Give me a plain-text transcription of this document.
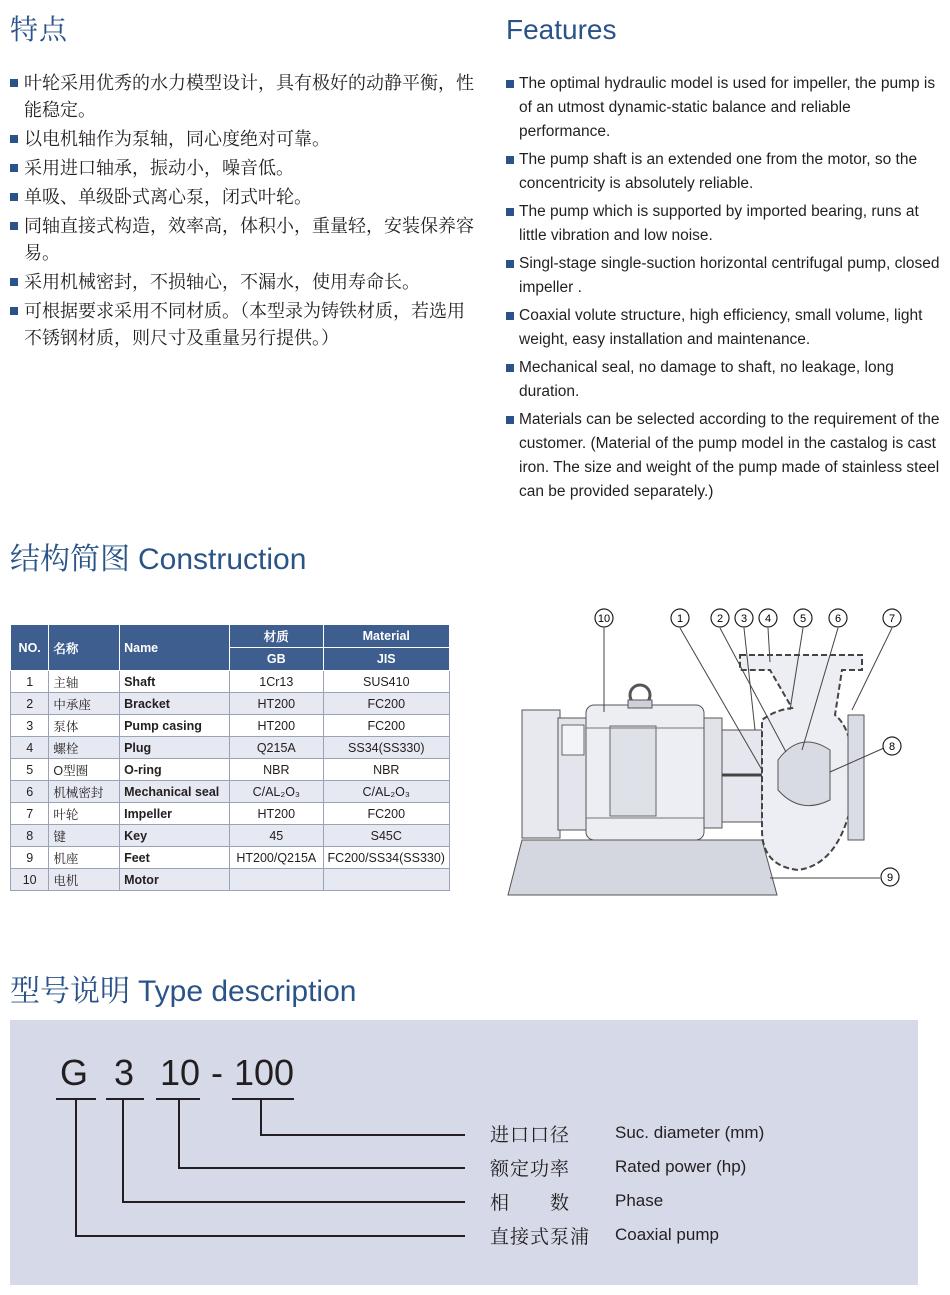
特点
叶轮采用优秀的水力模型设计，具有极好的动静平衡，性能稳定。
以电机轴作为泵轴，同心度绝对可靠。
采用进口轴承，振动小，噪音低。
单吸、单级卧式离心泵，闭式叶轮。
同轴直接式构造，效率高，体积小，重量轻，安装保养容易。
采用机械密封，不损轴心，不漏水，使用寿命长。
可根据要求采用不同材质。（本型录为铸铁材质，若选用不锈钢材质，则尺寸及重量另行提供。）
Features
The optimal hydraulic model is used for impeller, the pump is of an utmost dynamic-static balance and reliable performance.
The pump shaft is an extended one from the motor, so the concentricity is absolutely reliable.
The pump which is supported by imported bearing, runs at little vibration and low noise.
Singl-stage single-suction horizontal centrifugal pump, closed impeller .
Coaxial volute structure, high efficiency, small volume, light weight, easy installation and maintenance.
Mechanical seal, no damage to shaft, no leakage, long duration.
Materials can be selected according to the requirement of the customer. (Material of the pump model in the castalog is cast iron. The size and weight of the pump made of stainless steel can be provided separately.)
结构简图 Construction
NO.	名称	Name	材质	Material
			GB	JIS
1	主轴	Shaft	1Cr13	SUS410
2	中承座	Bracket	HT200	FC200
3	泵体	Pump casing	HT200	FC200
4	螺栓	Plug	Q215A	SS34(SS330)
5	O型圈	O-ring	NBR	NBR
6	机械密封	Mechanical seal	C/AL₂O₃	C/AL₂O₃
7	叶轮	Impeller	HT200	FC200
8	键	Key	45	S45C
9	机座	Feet	HT200/Q215A	FC200/SS34(SS330)
10	电机	Motor		
10	1	2 3 4	5	6	7
8
9
型号说明 Type description
G 3 10 - 100
进口口径	Suc. diameter (mm)
额定功率	Rated power (hp)
相　　数	Phase
直接式泵浦 Coaxial pump
